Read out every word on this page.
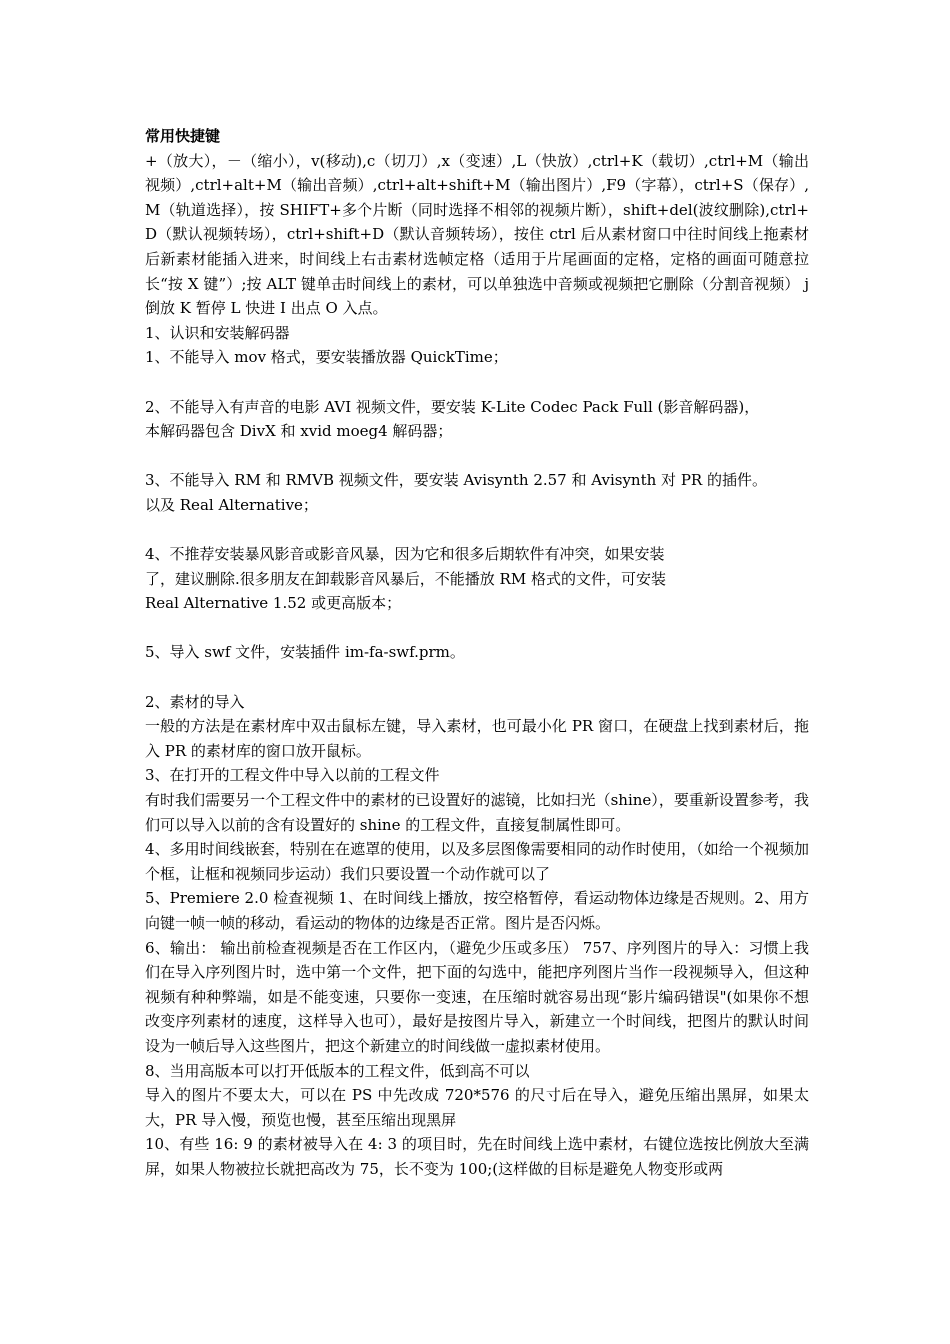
常用快捷键

+（放大），－（缩小），v(移动),c（切刀）,x（变速）,L（快放）,ctrl+K（载切）,ctrl+M（输出视频）,ctrl+alt+M（输出音频）,ctrl+alt+shift+M（输出图片）,F9（字幕），ctrl+S（保存）,M（轨道选择），按 SHIFT+多个片断（同时选择不相邻的视频片断），shift+del(波纹删除),ctrl+D（默认视频转场），ctrl+shift+D（默认音频转场），按住 ctrl 后从素材窗口中往时间线上拖素材后新素材能插入进来，时间线上右击素材选帧定格（适用于片尾画面的定格，定格的画面可随意拉长“按 X 键”）;按 ALT 键单击时间线上的素材，可以单独选中音频或视频把它删除（分割音视频） j 倒放 K 暂停 L 快进 I 出点 O 入点。

1、认识和安装解码器

1、不能导入 mov 格式，要安装播放器 QuickTime；

2、不能导入有声音的电影 AVI 视频文件，要安装 K-Lite Codec Pack Full (影音解码器)，

本解码器包含 DivX 和 xvid moeg4 解码器；

3、不能导入 RM 和 RMVB 视频文件，要安装 Avisynth 2.57 和 Avisynth 对 PR 的插件。

以及 Real Alternative；

4、不推荐安装暴风影音或影音风暴，因为它和很多后期软件有冲突，如果安装

了，建议删除.很多朋友在卸载影音风暴后，不能播放 RM 格式的文件，可安装

Real Alternative 1.52 或更高版本；

5、导入 swf 文件，安装插件 im-fa-swf.prm。

2、素材的导入

一般的方法是在素材库中双击鼠标左键，导入素材，也可最小化 PR 窗口，在硬盘上找到素材后，拖入 PR 的素材库的窗口放开鼠标。

3、在打开的工程文件中导入以前的工程文件

有时我们需要另一个工程文件中的素材的已设置好的滤镜，比如扫光（shine），要重新设置参考，我们可以导入以前的含有设置好的 shine 的工程文件，直接复制属性即可。

4、多用时间线嵌套，特别在在遮罩的使用，以及多层图像需要相同的动作时使用，（如给一个视频加个框，让框和视频同步运动）我们只要设置一个动作就可以了

5、Premiere 2.0 检查视频 1、在时间线上播放，按空格暂停，看运动物体边缘是否规则。2、用方向键一帧一帧的移动，看运动的物体的边缘是否正常。图片是否闪烁。

6、输出： 输出前检查视频是否在工作区内，（避免少压或多压） 757、序列图片的导入：习惯上我们在导入序列图片时，选中第一个文件，把下面的勾选中，能把序列图片当作一段视频导入，但这种视频有种种弊端，如是不能变速，只要你一变速，在压缩时就容易出现“影片编码错误"(如果你不想改变序列素材的速度，这样导入也可），最好是按图片导入，新建立一个时间线，把图片的默认时间设为一帧后导入这些图片，把这个新建立的时间线做一虚拟素材使用。

8、当用高版本可以打开低版本的工程文件，低到高不可以

导入的图片不要太大，可以在 PS 中先改成 720*576 的尺寸后在导入，避免压缩出黑屏，如果太大，PR 导入慢，预览也慢，甚至压缩出现黑屏

10、有些 16: 9 的素材被导入在 4: 3 的项目时，先在时间线上选中素材，右键位选按比例放大至满屏，如果人物被拉长就把高改为 75，长不变为 100;(这样做的目标是避免人物变形或两
